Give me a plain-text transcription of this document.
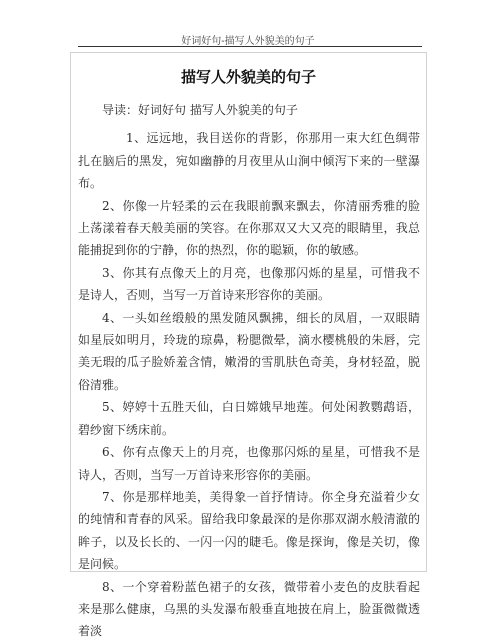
好词好句-描写人外貌美的句子
描写人外貌美的句子

导读：好词好句 描写人外貌美的句子

1、远远地，我目送你的背影，你那用一束大红色绸带扎在脑后的黑发，宛如幽静的月夜里从山涧中倾泻下来的一壁瀑布。

2、你像一片轻柔的云在我眼前飘来飘去，你清丽秀雅的脸上荡漾着春天般美丽的笑容。在你那双又大又亮的眼睛里，我总能捕捉到你的宁静，你的热烈，你的聪颖，你的敏感。

3、你其有点像天上的月亮，也像那闪烁的星星，可惜我不是诗人，否则，当写一万首诗来形容你的美丽。

4、一头如丝缎般的黑发随风飘拂，细长的凤眉，一双眼睛如星辰如明月，玲珑的琼鼻，粉腮微晕，滴水樱桃般的朱唇，完美无瑕的瓜子脸娇羞含情，嫩滑的雪肌肤色奇美，身材轻盈，脱俗清雅。

5、婷婷十五胜天仙，白日嫦娥早地莲。何处闲教鹦鹉语，碧纱窗下绣床前。

6、你有点像天上的月亮，也像那闪烁的星星，可惜我不是诗人，否则，当写一万首诗来形容你的美丽。

7、你是那样地美，美得象一首抒情诗。你全身充溢着少女的纯情和青春的风采。留给我印象最深的是你那双湖水般清澈的眸子，以及长长的、一闪一闪的睫毛。像是探询，像是关切，像是问候。

8、一个穿着粉蓝色裙子的女孩，微带着小麦色的皮肤看起来是那么健康，乌黑的头发瀑布般垂直地披在肩上，脸蛋微微透着淡
